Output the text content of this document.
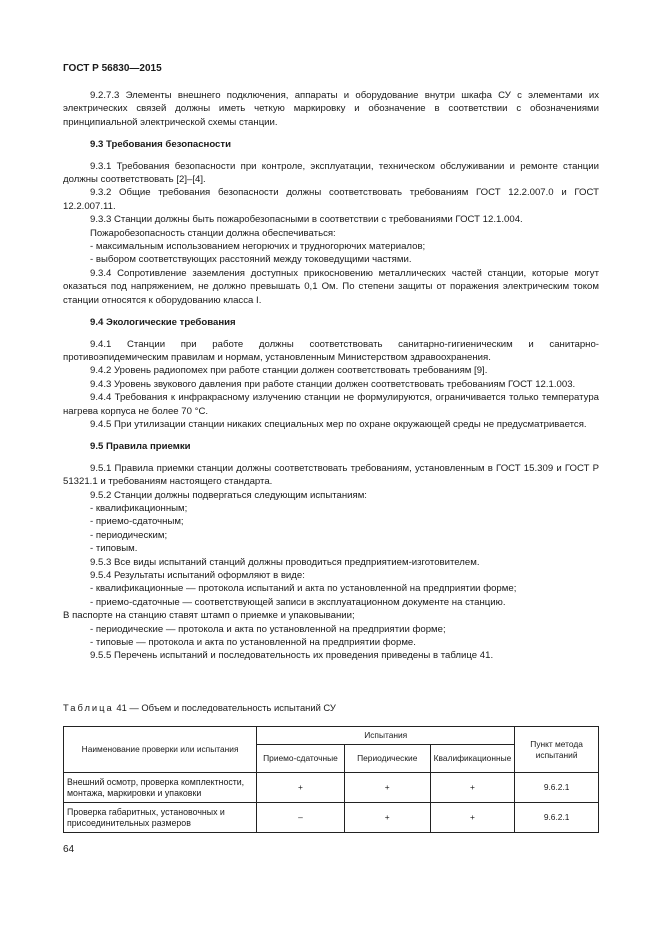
ГОСТ Р 56830—2015

9.2.7.3 Элементы внешнего подключения, аппараты и оборудование внутри шкафа СУ с элементами их электрических связей должны иметь четкую маркировку и обозначение в соответствии с обозначениями принципиальной электрической схемы станции.

9.3 Требования безопасности

9.3.1 Требования безопасности при контроле, эксплуатации, техническом обслуживании и ремонте станции должны соответствовать [2]–[4].

9.3.2 Общие требования безопасности должны соответствовать требованиям ГОСТ 12.2.007.0 и ГОСТ 12.2.007.11.

9.3.3 Станции должны быть пожаробезопасными в соответствии с требованиями ГОСТ 12.1.004.

Пожаробезопасность станции должна обеспечиваться:

- максимальным использованием негорючих и трудногорючих материалов;

- выбором соответствующих расстояний между токоведущими частями.

9.3.4 Сопротивление заземления доступных прикосновению металлических частей станции, которые могут оказаться под напряжением, не должно превышать 0,1 Ом. По степени защиты от поражения электрическим током станции относятся к оборудованию класса I.

9.4 Экологические требования

9.4.1 Станции при работе должны соответствовать санитарно-гигиеническим и санитарно-противоэпидемическим правилам и нормам, установленным Министерством здравоохранения.

9.4.2 Уровень радиопомех при работе станции должен соответствовать требованиям [9].

9.4.3 Уровень звукового давления при работе станции должен соответствовать требованиям ГОСТ 12.1.003.

9.4.4 Требования к инфракрасному излучению станции не формулируются, ограничивается только температура нагрева корпуса не более 70 °С.

9.4.5 При утилизации станции никаких специальных мер по охране окружающей среды не предусматривается.

9.5 Правила приемки

9.5.1 Правила приемки станции должны соответствовать требованиям, установленным в ГОСТ 15.309 и ГОСТ Р 51321.1 и требованиям настоящего стандарта.

9.5.2 Станции должны подвергаться следующим испытаниям:

- квалификационным;

- приемо-сдаточным;

- периодическим;

- типовым.

9.5.3 Все виды испытаний станций должны проводиться предприятием-изготовителем.

9.5.4 Результаты испытаний оформляют в виде:

- квалификационные — протокола испытаний и акта по установленной на предприятии форме;

- приемо-сдаточные — соответствующей записи в эксплуатационном документе на станцию.

В паспорте на станцию ставят штамп о приемке и упаковывании;

- периодические — протокола и акта по установленной на предприятии форме;

- типовые — протокола и акта по установленной на предприятии форме.

9.5.5 Перечень испытаний и последовательность их проведения приведены в таблице 41.

Таблица 41 — Объем и последовательность испытаний СУ
Наименование проверки или испытания	Испытания			Пункт метода испытаний
	Приемо-сдаточные	Периодические	Квалификационные	
Внешний осмотр, проверка комплектности, монтажа, маркировки и упаковки	+	+	+	9.6.2.1
Проверка габаритных, установочных и присоединительных размеров	–	+	+	9.6.2.1
64
